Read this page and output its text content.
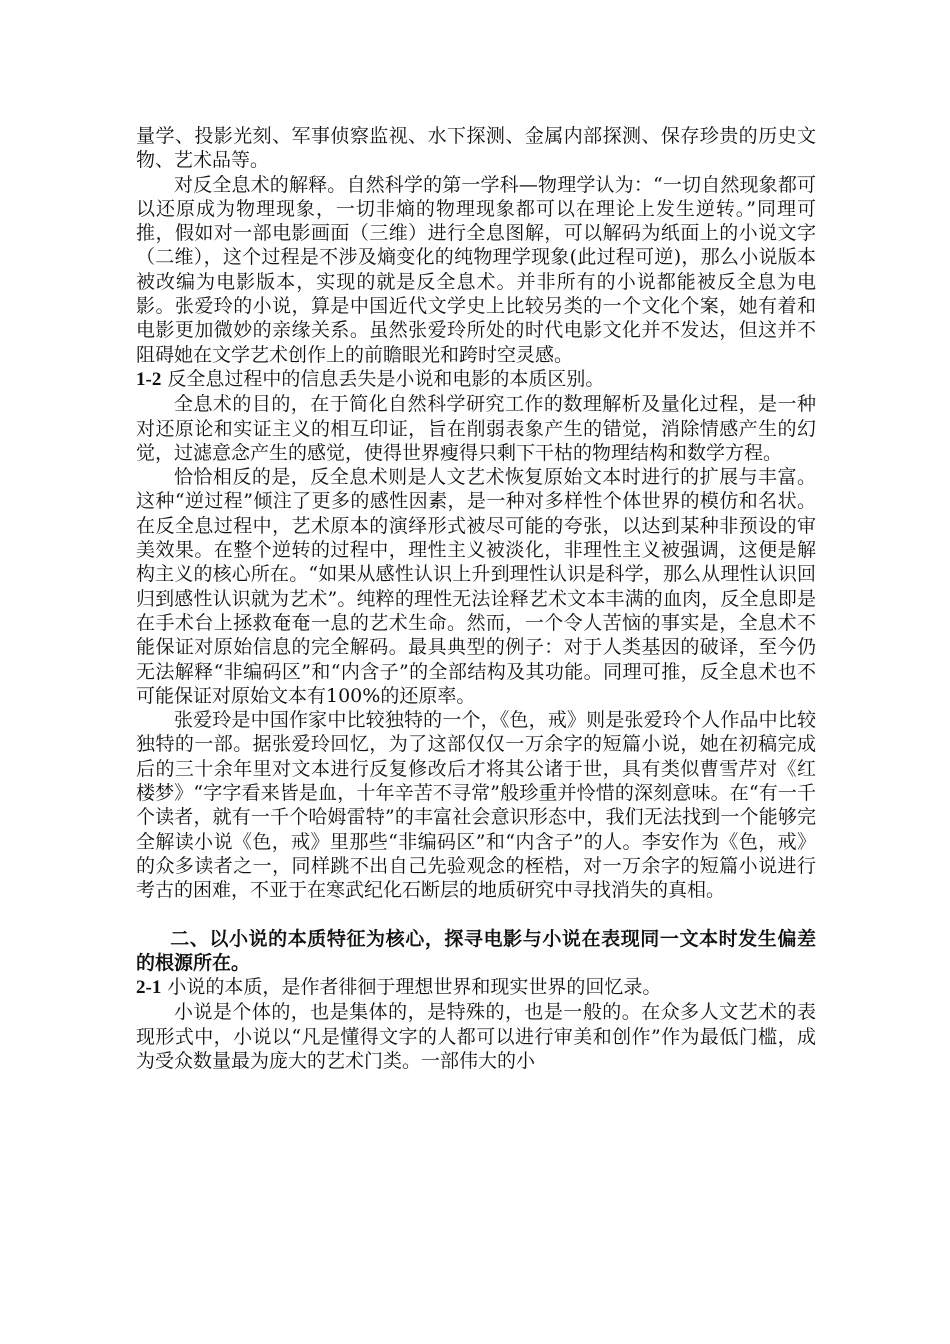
量学、投影光刻、军事侦察监视、水下探测、金属内部探测、保存珍贵的历史文物、艺术品等。

对反全息术的解释。自然科学的第一学科—物理学认为：“一切自然现象都可以还原成为物理现象，一切非熵的物理现象都可以在理论上发生逆转。”同理可推，假如对一部电影画面（三维）进行全息图解，可以解码为纸面上的小说文字（二维），这个过程是不涉及熵变化的纯物理学现象(此过程可逆)，那么小说版本被改编为电影版本，实现的就是反全息术。并非所有的小说都能被反全息为电影。张爱玲的小说，算是中国近代文学史上比较另类的一个文化个案，她有着和电影更加微妙的亲缘关系。虽然张爱玲所处的时代电影文化并不发达，但这并不阻碍她在文学艺术创作上的前瞻眼光和跨时空灵感。

1-2 反全息过程中的信息丢失是小说和电影的本质区别。

全息术的目的，在于简化自然科学研究工作的数理解析及量化过程，是一种对还原论和实证主义的相互印证，旨在削弱表象产生的错觉，消除情感产生的幻觉，过滤意念产生的感觉，使得世界瘦得只剩下干枯的物理结构和数学方程。

恰恰相反的是，反全息术则是人文艺术恢复原始文本时进行的扩展与丰富。这种“逆过程”倾注了更多的感性因素，是一种对多样性个体世界的模仿和名状。在反全息过程中，艺术原本的演绎形式被尽可能的夸张，以达到某种非预设的审美效果。在整个逆转的过程中，理性主义被淡化，非理性主义被强调，这便是解构主义的核心所在。“如果从感性认识上升到理性认识是科学，那么从理性认识回归到感性认识就为艺术”。纯粹的理性无法诠释艺术文本丰满的血肉，反全息即是在手术台上拯救奄奄一息的艺术生命。然而，一个令人苦恼的事实是，全息术不能保证对原始信息的完全解码。最具典型的例子：对于人类基因的破译，至今仍无法解释“非编码区”和“内含子”的全部结构及其功能。同理可推，反全息术也不可能保证对原始文本有100%的还原率。

张爱玲是中国作家中比较独特的一个，《色，戒》则是张爱玲个人作品中比较独特的一部。据张爱玲回忆，为了这部仅仅一万余字的短篇小说，她在初稿完成后的三十余年里对文本进行反复修改后才将其公诸于世，具有类似曹雪芹对《红楼梦》“字字看来皆是血，十年辛苦不寻常”般珍重并怜惜的深刻意味。在“有一千个读者，就有一千个哈姆雷特”的丰富社会意识形态中，我们无法找到一个能够完全解读小说《色，戒》里那些“非编码区”和“内含子”的人。李安作为《色，戒》的众多读者之一，同样跳不出自己先验观念的桎梏，对一万余字的短篇小说进行考古的困难，不亚于在寒武纪化石断层的地质研究中寻找消失的真相。

二、以小说的本质特征为核心，探寻电影与小说在表现同一文本时发生偏差的根源所在。

2-1 小说的本质，是作者徘徊于理想世界和现实世界的回忆录。

小说是个体的，也是集体的，是特殊的，也是一般的。在众多人文艺术的表现形式中，小说以“凡是懂得文字的人都可以进行审美和创作”作为最低门槛，成为受众数量最为庞大的艺术门类。一部伟大的小
